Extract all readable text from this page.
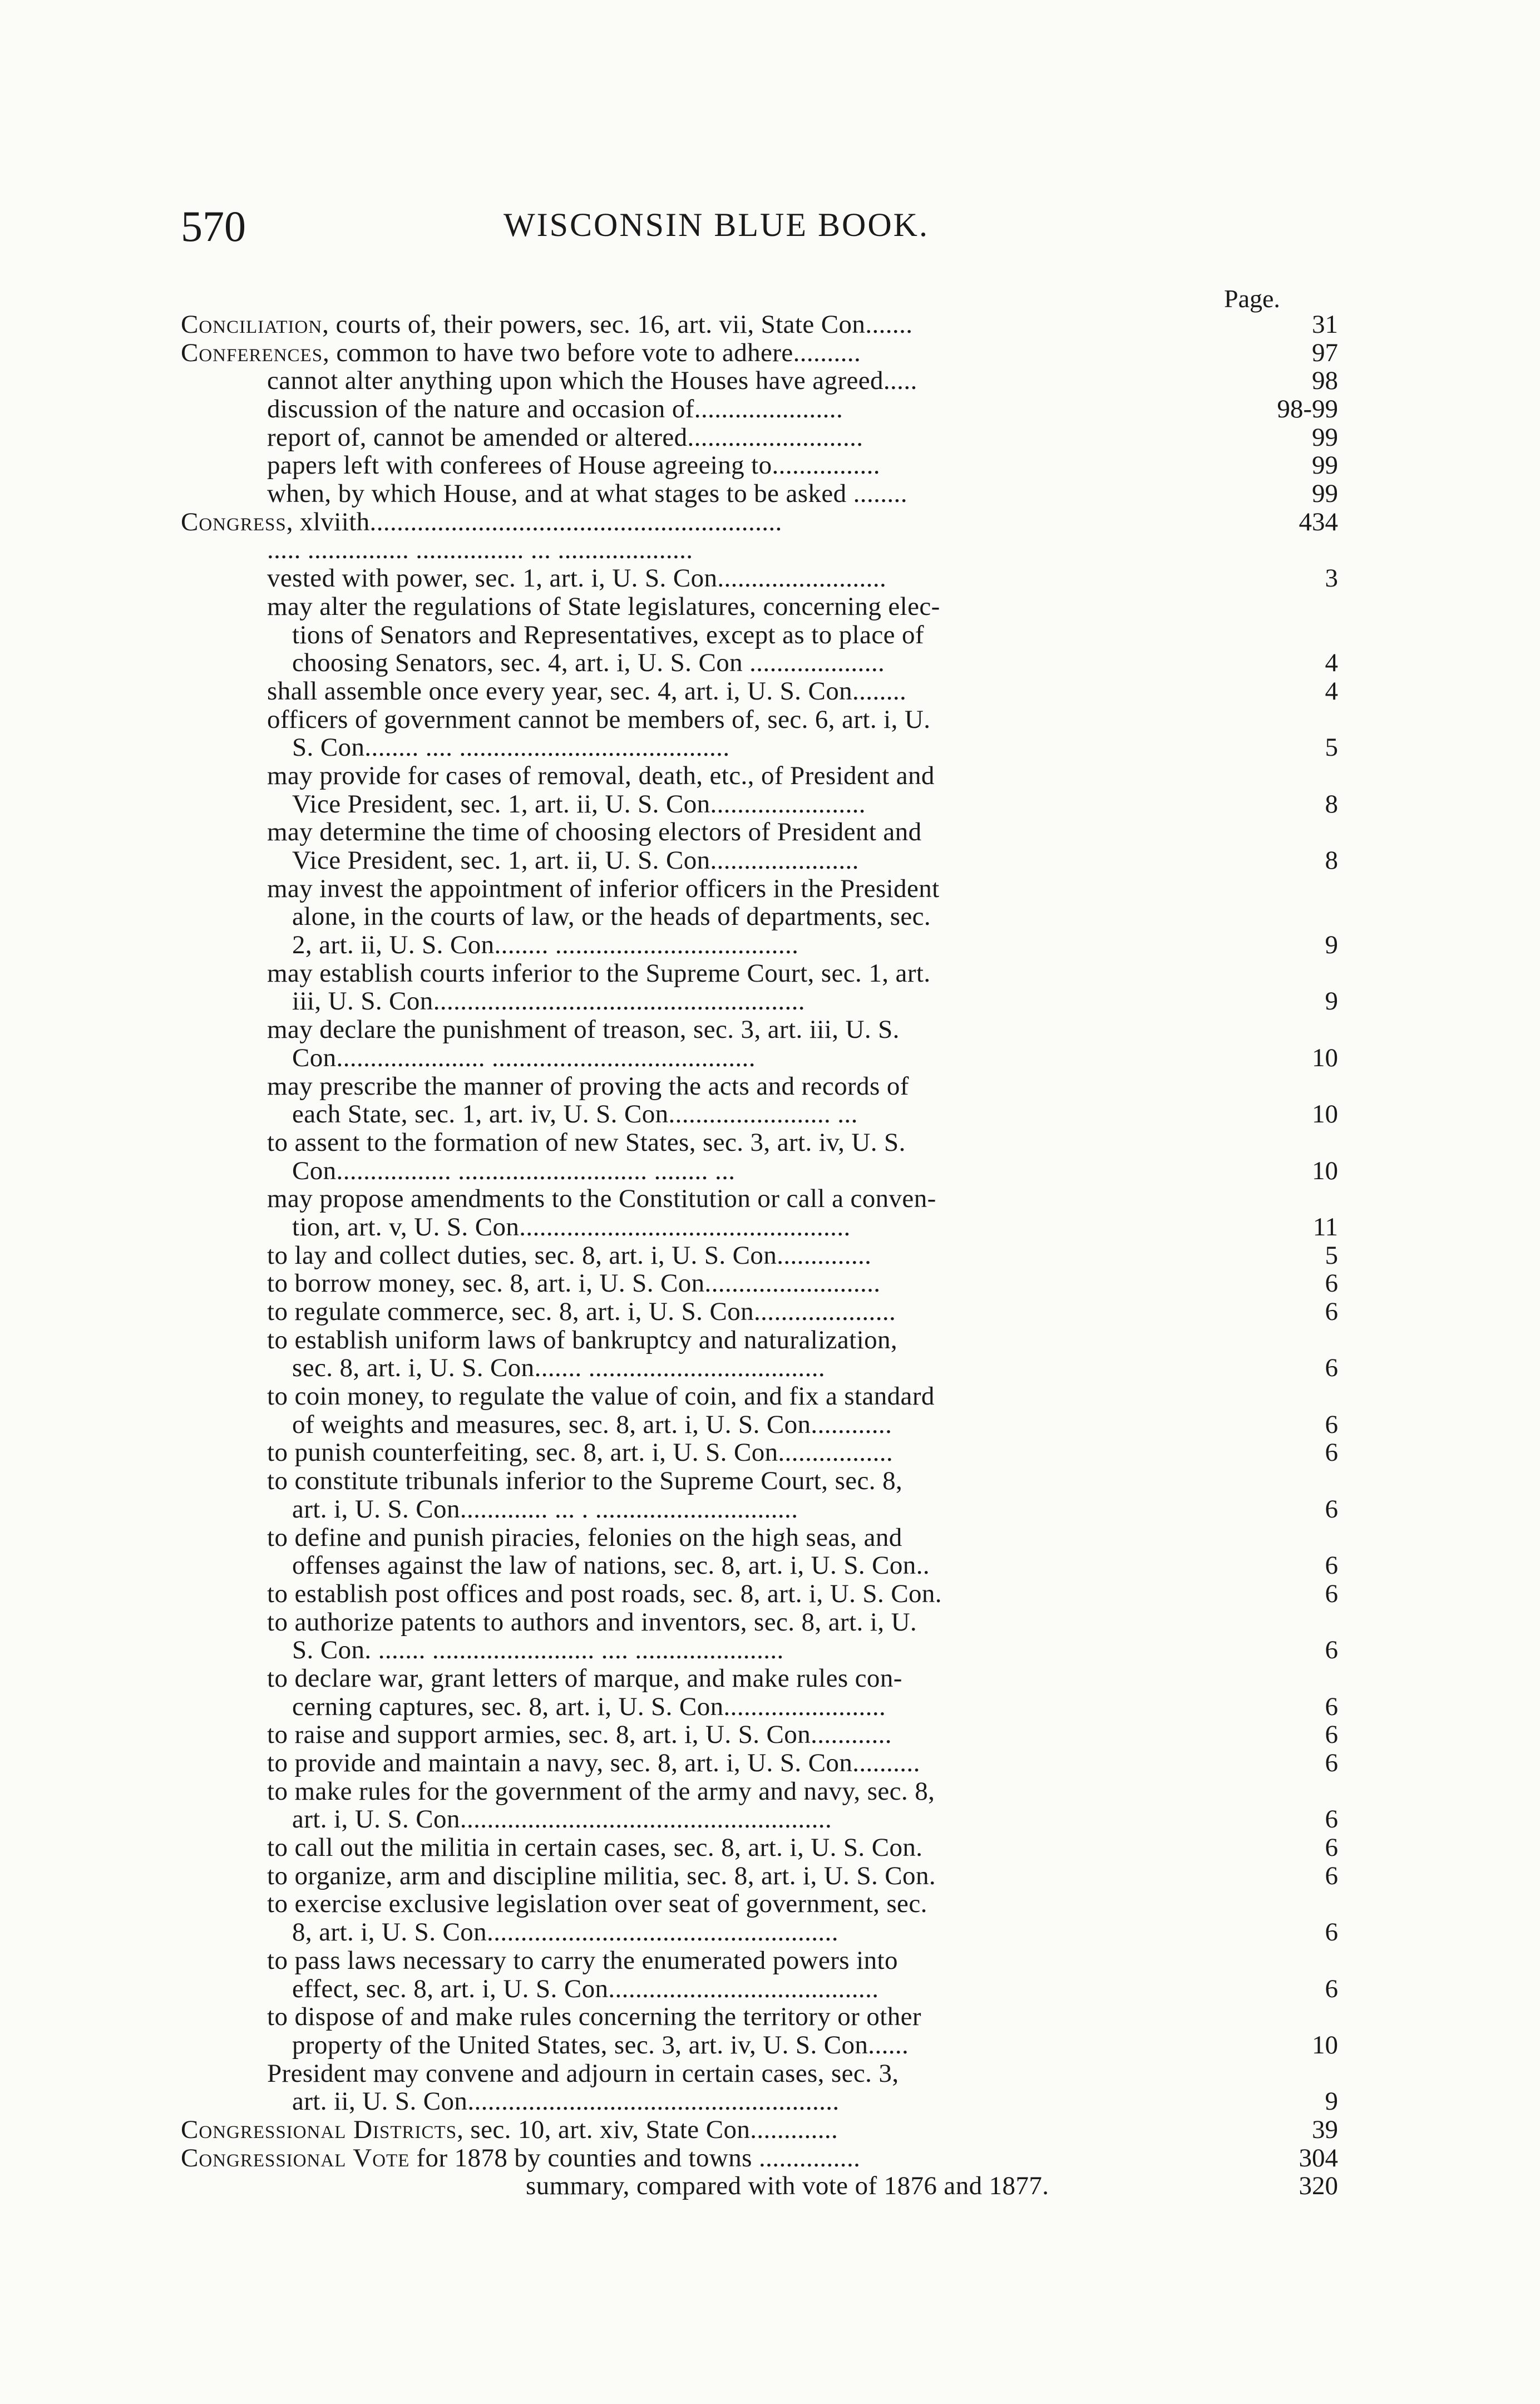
570	WISCONSIN BLUE BOOK.
Page.
Conciliation, courts of, their powers, sec. 16, art. vii, State Con.......	31
Conferences, common to have two before vote to adhere..........	97
cannot alter anything upon which the Houses have agreed.....	98
discussion of the nature and occasion of......................	98-99
report of, cannot be amended or altered..........................	99
papers left with conferees of House agreeing to................	99
when, by which House, and at what stages to be asked ........	99
Congress, xlviith.............................................................	434
..... ............... ................ ... ....................
vested with power, sec. 1, art. i, U. S. Con.........................	3
may alter the regulations of State legislatures, concerning elec-
tions of Senators and Representatives, except as to place of
choosing Senators, sec. 4, art. i, U. S. Con ....................	4
shall assemble once every year, sec. 4, art. i, U. S. Con........	4
officers of government cannot be members of, sec. 6, art. i, U.
S. Con........ .... ........................................	5
may provide for cases of removal, death, etc., of President and
Vice President, sec. 1, art. ii, U. S. Con.......................	8
may determine the time of choosing electors of President and
Vice President, sec. 1, art. ii, U. S. Con......................	8
may invest the appointment of inferior officers in the President
alone, in the courts of law, or the heads of departments, sec.
2, art. ii, U. S. Con........ ....................................	9
may establish courts inferior to the Supreme Court, sec. 1, art.
iii, U. S. Con.......................................................	9
may declare the punishment of treason, sec. 3, art. iii, U. S.
Con...................... .......................................	10
may prescribe the manner of proving the acts and records of
each State, sec. 1, art. iv, U. S. Con........................ ...	10
to assent to the formation of new States, sec. 3, art. iv, U. S.
Con................. ............................ ........ ...	10
may propose amendments to the Constitution or call a conven-
tion, art. v, U. S. Con.................................................	11
to lay and collect duties, sec. 8, art. i, U. S. Con..............	5
to borrow money, sec. 8, art. i, U. S. Con..........................	6
to regulate commerce, sec. 8, art. i, U. S. Con.....................	6
to establish uniform laws of bankruptcy and naturalization,
sec. 8, art. i, U. S. Con....... ...................................	6
to coin money, to regulate the value of coin, and fix a standard
of weights and measures, sec. 8, art. i, U. S. Con............	6
to punish counterfeiting, sec. 8, art. i, U. S. Con.................	6
to constitute tribunals inferior to the Supreme Court, sec. 8,
art. i, U. S. Con............. ... . ..............................	6
to define and punish piracies, felonies on the high seas, and
offenses against the law of nations, sec. 8, art. i, U. S. Con..	6
to establish post offices and post roads, sec. 8, art. i, U. S. Con.	6
to authorize patents to authors and inventors, sec. 8, art. i, U.
S. Con. ....... ........................ .... ......................	6
to declare war, grant letters of marque, and make rules con-
cerning captures, sec. 8, art. i, U. S. Con........................	6
to raise and support armies, sec. 8, art. i, U. S. Con............	6
to provide and maintain a navy, sec. 8, art. i, U. S. Con..........	6
to make rules for the government of the army and navy, sec. 8,
art. i, U. S. Con.......................................................	6
to call out the militia in certain cases, sec. 8, art. i, U. S. Con.	6
to organize, arm and discipline militia, sec. 8, art. i, U. S. Con.	6
to exercise exclusive legislation over seat of government, sec.
8, art. i, U. S. Con....................................................	6
to pass laws necessary to carry the enumerated powers into
effect, sec. 8, art. i, U. S. Con........................................	6
to dispose of and make rules concerning the territory or other
property of the United States, sec. 3, art. iv, U. S. Con......	10
President may convene and adjourn in certain cases, sec. 3,
art. ii, U. S. Con.......................................................	9
Congressional Districts, sec. 10, art. xiv, State Con.............	39
Congressional Vote for 1878 by counties and towns ...............	304
summary, compared with vote of 1876 and 1877.	320
